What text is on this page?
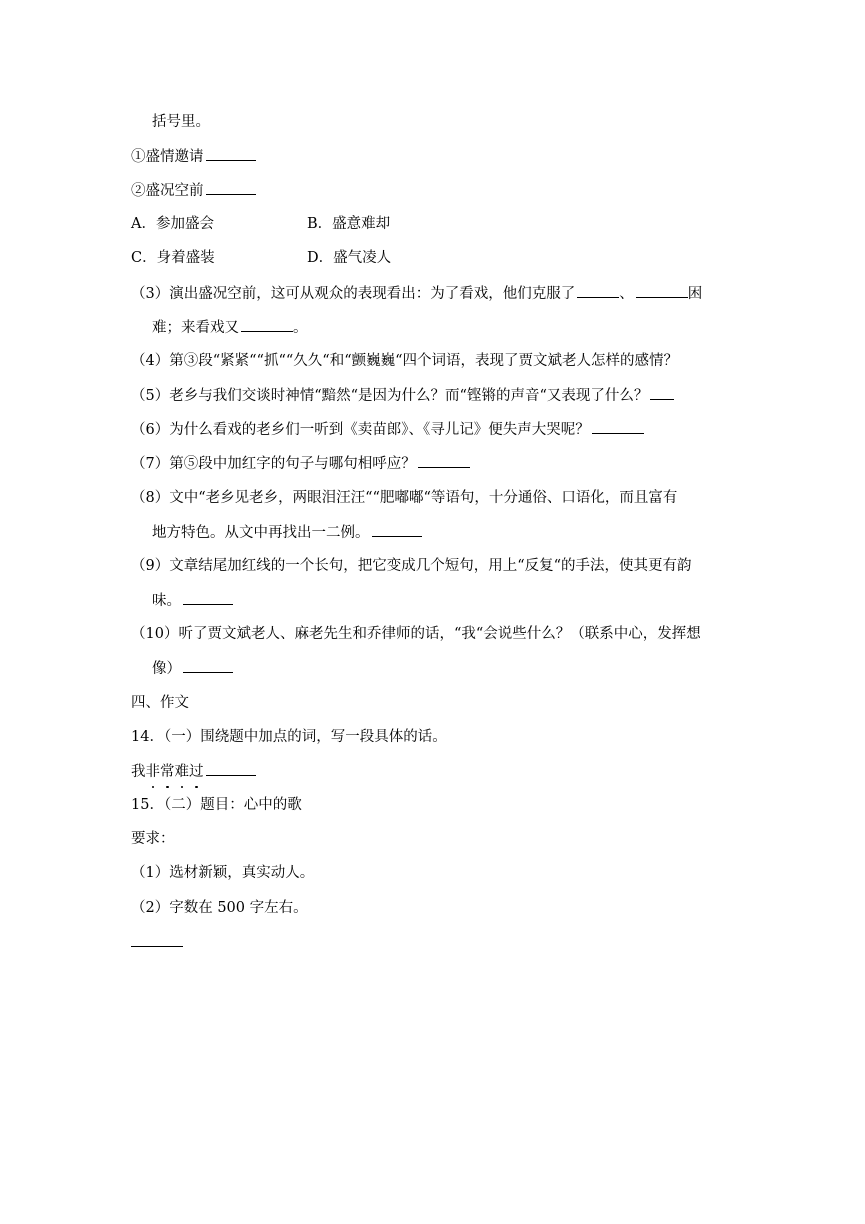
括号里。
①盛情邀请
②盛况空前
A．参加盛会	B．盛意难却
C．身着盛装	D．盛气凌人
（3）演出盛况空前，这可从观众的表现看出：为了看戏，他们克服了	、	困
难；来看戏又	。
（4）第③段“紧紧““抓““久久“和“颤巍巍“四个词语，表现了贾文斌老人怎样的感情？
（5）老乡与我们交谈时神情“黯然“是因为什么？而“铿锵的声音“又表现了什么？
（6）为什么看戏的老乡们一听到《卖苗郎》、《寻儿记》便失声大哭呢？
（7）第⑤段中加红字的句子与哪句相呼应？
（8）文中“老乡见老乡，两眼泪汪汪““肥嘟嘟“等语句，十分通俗、口语化，而且富有
地方特色。从文中再找出一二例。
（9）文章结尾加红线的一个长句，把它变成几个短句，用上“反复“的手法，使其更有韵
味。
（10）听了贾文斌老人、麻老先生和乔律师的话，“我“会说些什么？（联系中心，发挥想
像）
四、作文
14．（一）围绕题中加点的词，写一段具体的话。
我非常难过
15．（二）题目：心中的歌
要求：
（1）选材新颖，真实动人。
（2）字数在 500 字左右。
